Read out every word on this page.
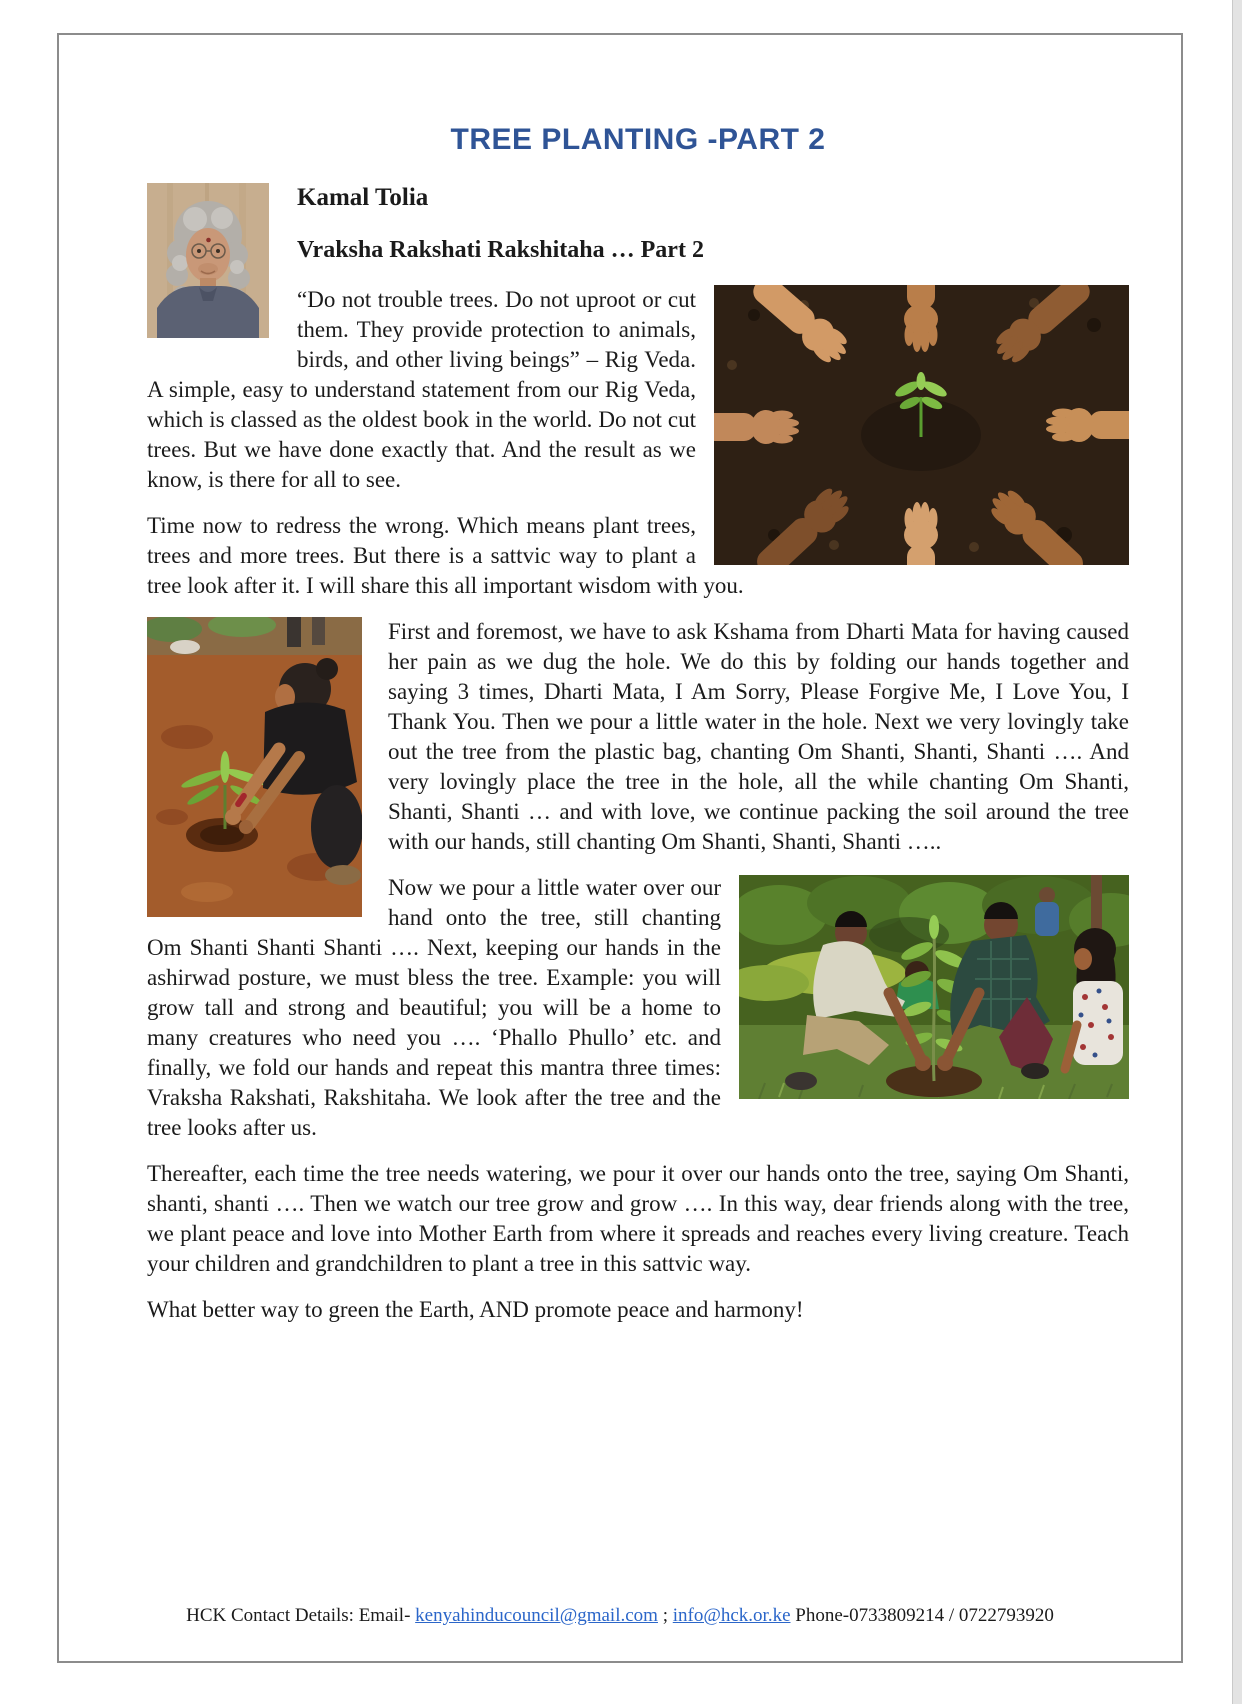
TREE PLANTING -PART 2
Kamal Tolia
Vraksha Rakshati Rakshitaha … Part 2

“Do not trouble trees. Do not uproot or cut them. They provide protection to animals, birds, and other living beings” – Rig Veda. A simple, easy to understand statement from our Rig Veda, which is classed as the oldest book in the world. Do not cut trees. But we have done exactly that. And the result as we know, is there for all to see.

Time now to redress the wrong. Which means plant trees, trees and more trees. But there is a sattvic way to plant a tree look after it. I will share this all important wisdom with you.

First and foremost, we have to ask Kshama from Dharti Mata for having caused her pain as we dug the hole. We do this by folding our hands together and saying 3 times, Dharti Mata, I Am Sorry, Please Forgive Me, I Love You, I Thank You. Then we pour a little water in the hole. Next we very lovingly take out the tree from the plastic bag, chanting Om Shanti, Shanti, Shanti …. And very lovingly place the tree in the hole, all the while chanting Om Shanti, Shanti, Shanti … and with love, we continue packing the soil around the tree with our hands, still chanting Om Shanti, Shanti, Shanti …..

Now we pour a little water over our hand onto the tree, still chanting Om Shanti Shanti Shanti …. Next, keeping our hands in the ashirwad posture, we must bless the tree. Example: you will grow tall and strong and beautiful; you will be a home to many creatures who need you …. ‘Phallo Phullo’ etc. and finally, we fold our hands and repeat this mantra three times: Vraksha Rakshati, Rakshitaha. We look after the tree and the tree looks after us.

Thereafter, each time the tree needs watering, we pour it over our hands onto the tree, saying Om Shanti, shanti, shanti …. Then we watch our tree grow and grow …. In this way, dear friends along with the tree, we plant peace and love into Mother Earth from where it spreads and reaches every living creature. Teach your children and grandchildren to plant a tree in this sattvic way.

What better way to green the Earth, AND promote peace and harmony!

HCK Contact Details: Email- kenyahinducouncil@gmail.com ; info@hck.or.ke Phone-0733809214 / 0722793920
